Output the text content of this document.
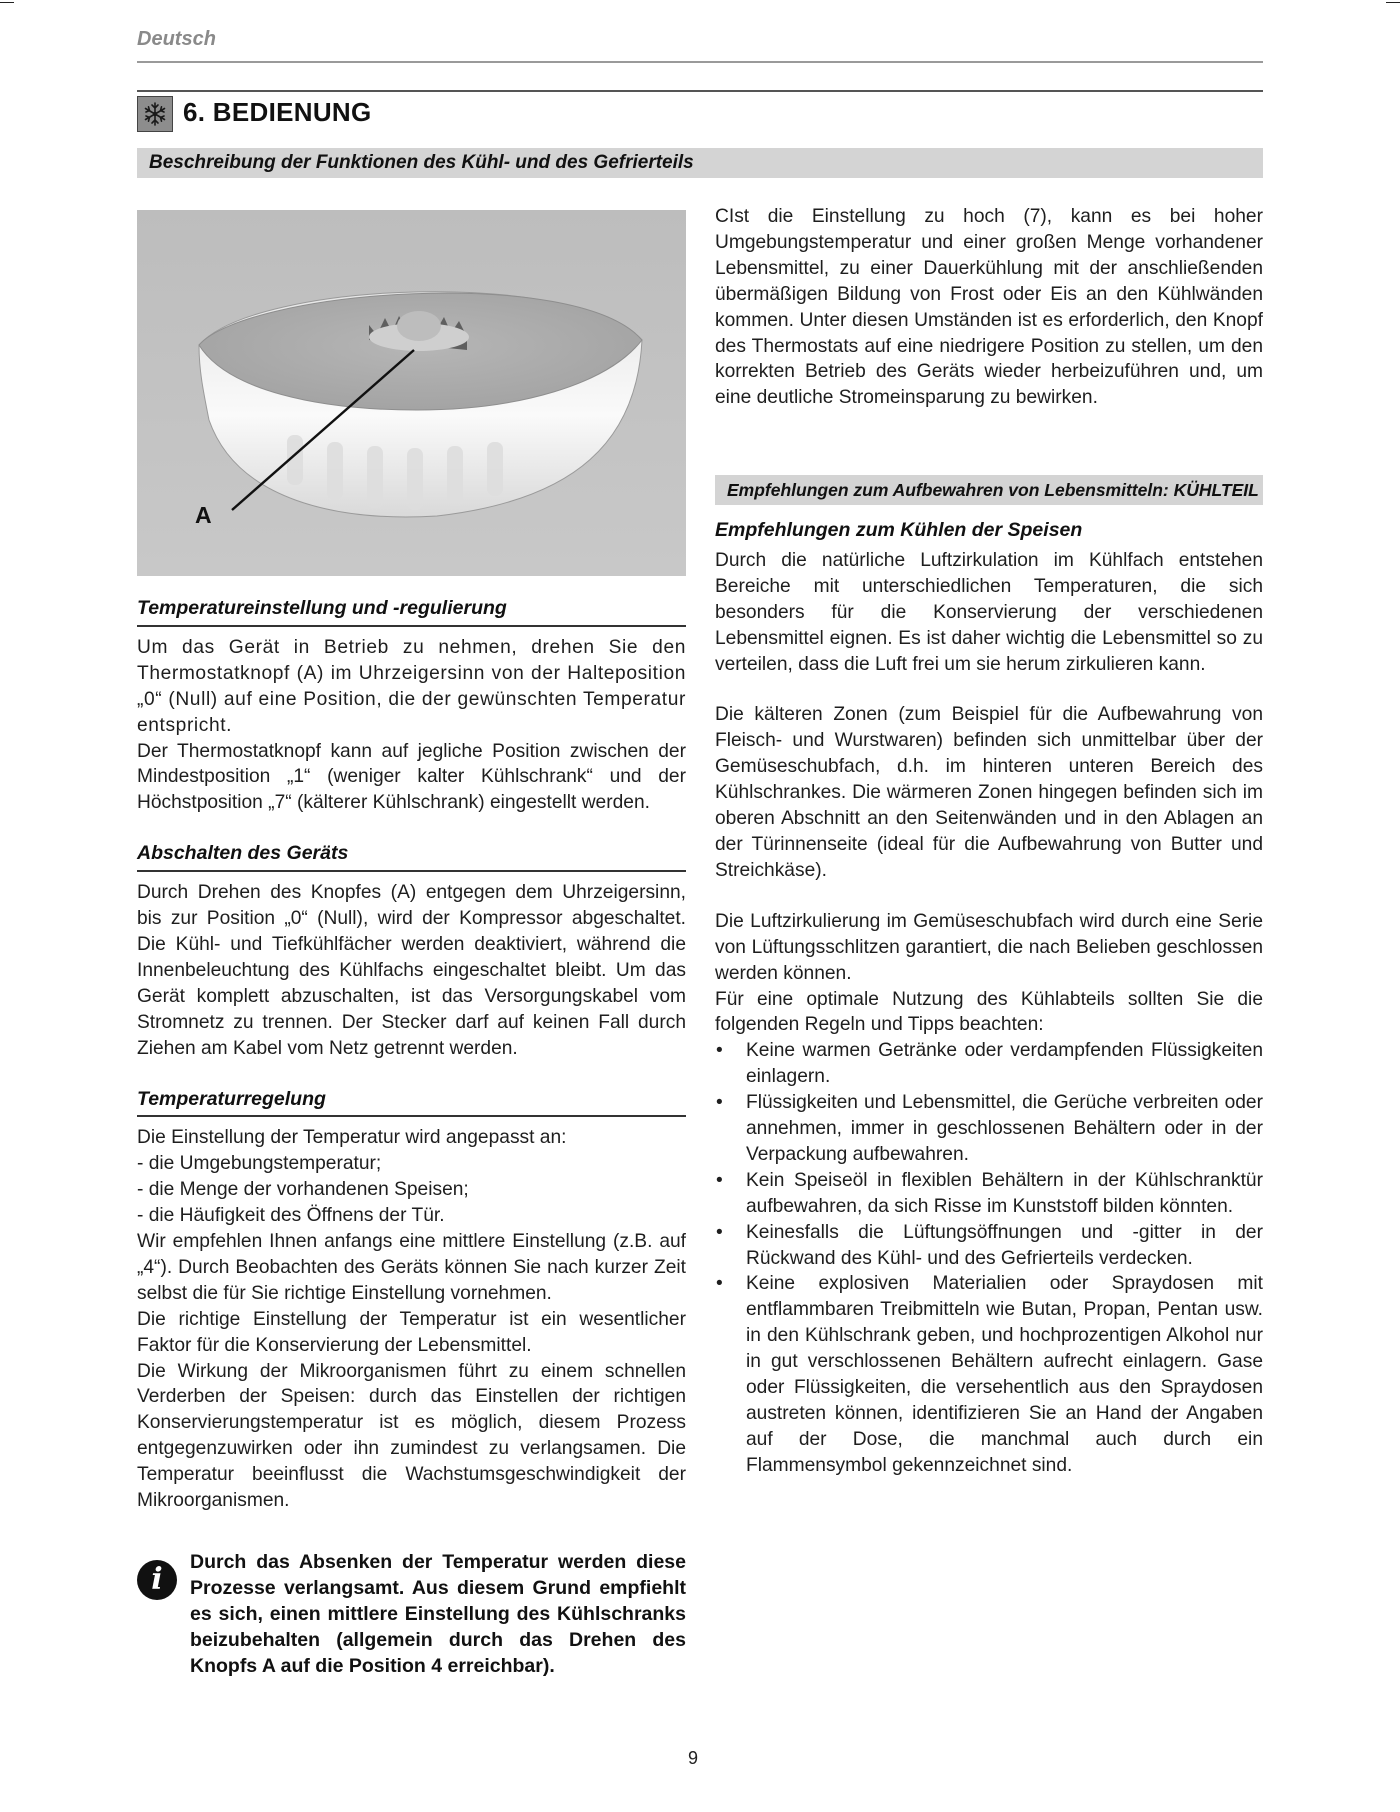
Deutsch
6. BEDIENUNG
Beschreibung der Funktionen des Kühl- und des Gefrierteils
A
Temperatureinstellung und -regulierung

Um das Gerät in Betrieb zu nehmen, drehen Sie den Thermostatknopf (A) im Uhrzeigersinn von der Halteposition „0“ (Null) auf eine Position, die der gewünschten Temperatur entspricht.

Der Thermostatknopf kann auf jegliche Position zwischen der Mindestposition „1“ (weniger kalter Kühlschrank“ und der Höchstposition „7“ (kälterer Kühlschrank) eingestellt werden.

Abschalten des Geräts

Durch Drehen des Knopfes (A) entgegen dem Uhrzeigersinn, bis zur Position „0“ (Null), wird der Kompressor abgeschaltet. Die Kühl- und Tiefkühlfächer werden deaktiviert, während die Innenbeleuchtung des Kühlfachs eingeschaltet bleibt. Um das Gerät komplett abzuschalten, ist das Versorgungskabel vom Stromnetz zu trennen. Der Stecker darf auf keinen Fall durch Ziehen am Kabel vom Netz getrennt werden.

Temperaturregelung

Die Einstellung der Temperatur wird angepasst an:

- die Umgebungstemperatur;

- die Menge der vorhandenen Speisen;

- die Häufigkeit des Öffnens der Tür.

Wir empfehlen Ihnen anfangs eine mittlere Einstellung (z.B. auf „4“). Durch Beobachten des Geräts können Sie nach kurzer Zeit selbst die für Sie richtige Einstellung vornehmen.

Die richtige Einstellung der Temperatur ist ein wesentlicher Faktor für die Konservierung der Lebensmittel.

Die Wirkung der Mikroorganismen führt zu einem schnellen Verderben der Speisen: durch das Einstellen der richtigen Konservierungstemperatur ist es möglich, diesem Prozess entgegenzuwirken oder ihn zumindest zu verlangsamen. Die Temperatur beeinflusst die Wachstumsgeschwindigkeit der Mikroorganismen.

i	Durch das Absenken der Temperatur werden diese Prozesse verlangsamt. Aus diesem Grund empfiehlt es sich, einen mittlere Einstellung des Kühlschranks beizubehalten (allgemein durch das Drehen des Knopfs A auf die Position 4 erreichbar).

CIst die Einstellung zu hoch (7), kann es bei hoher Umgebungstemperatur und einer großen Menge vorhandener Lebensmittel, zu einer Dauerkühlung mit der anschließenden übermäßigen Bildung von Frost oder Eis an den Kühlwänden kommen. Unter diesen Umständen ist es erforderlich, den Knopf des Thermostats auf eine niedrigere Position zu stellen, um den korrekten Betrieb des Geräts wieder herbeizuführen und, um eine deutliche Stromeinsparung zu bewirken.

Empfehlungen zum Aufbewahren von Lebensmitteln: KÜHLTEIL
Empfehlungen zum Kühlen der Speisen

Durch die natürliche Luftzirkulation im Kühlfach entstehen Bereiche mit unterschiedlichen Temperaturen, die sich besonders für die Konservierung der verschiedenen Lebensmittel eignen. Es ist daher wichtig die Lebensmittel so zu verteilen, dass die Luft frei um sie herum zirkulieren kann.

Die kälteren Zonen (zum Beispiel für die Aufbewahrung von Fleisch- und Wurstwaren) befinden sich unmittelbar über der Gemüseschubfach, d.h. im hinteren unteren Bereich des Kühlschrankes. Die wärmeren Zonen hingegen befinden sich im oberen Abschnitt an den Seitenwänden und in den Ablagen an der Türinnenseite (ideal für die Aufbewahrung von Butter und Streichkäse).

Die Luftzirkulierung im Gemüseschubfach wird durch eine Serie von Lüftungsschlitzen garantiert, die nach Belieben geschlossen werden können.

Für eine optimale Nutzung des Kühlabteils sollten Sie die folgenden Regeln und Tipps beachten:

• Keine warmen Getränke oder verdampfenden Flüssigkeiten einlagern.
• Flüssigkeiten und Lebensmittel, die Gerüche verbreiten oder annehmen, immer in geschlossenen Behältern oder in der Verpackung aufbewahren.
• Kein Speiseöl in flexiblen Behältern in der Kühlschranktür aufbewahren, da sich Risse im Kunststoff bilden könnten.
• Keinesfalls die Lüftungsöffnungen und -gitter in der Rückwand des Kühl- und des Gefrierteils verdecken.
• Keine explosiven Materialien oder Spraydosen mit entflammbaren Treibmitteln wie Butan, Propan, Pentan usw. in den Kühlschrank geben, und hochprozentigen Alkohol nur in gut verschlossenen Behältern aufrecht einlagern. Gase oder Flüssigkeiten, die versehentlich aus den Spraydosen austreten können, identifizieren Sie an Hand der Angaben auf der Dose, die manchmal auch durch ein Flammensymbol gekennzeichnet sind.
9
